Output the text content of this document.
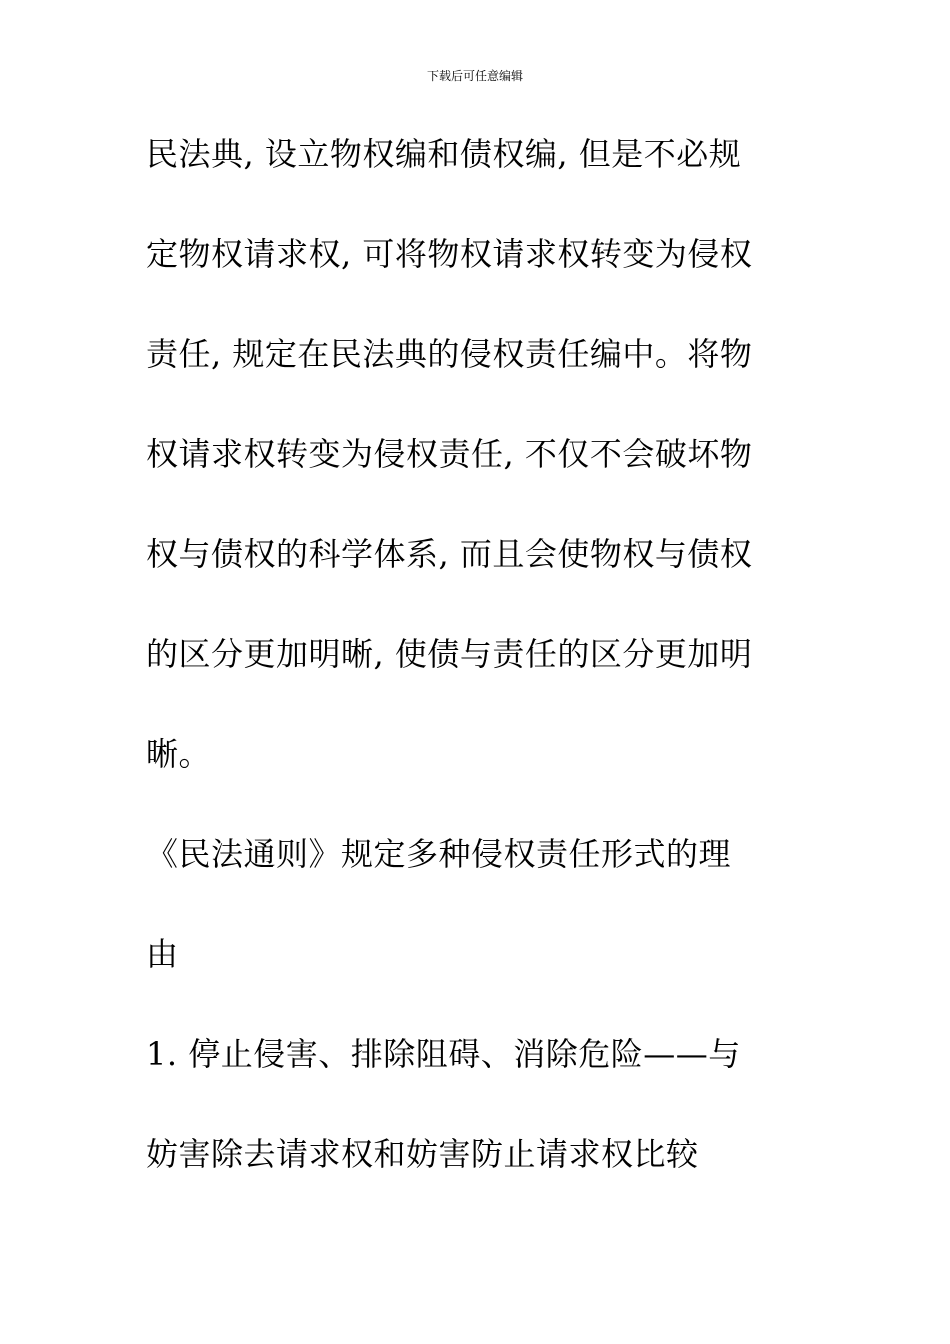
下载后可任意编辑
民法典, 设立物权编和债权编, 但是不必规
定物权请求权, 可将物权请求权转变为侵权
责任, 规定在民法典的侵权责任编中。将物
权请求权转变为侵权责任, 不仅不会破坏物
权与债权的科学体系, 而且会使物权与债权
的区分更加明晰, 使债与责任的区分更加明
晰。
《民法通则》规定多种侵权责任形式的理
由
1. 停止侵害、排除阻碍、消除危险——与
妨害除去请求权和妨害防止请求权比较
